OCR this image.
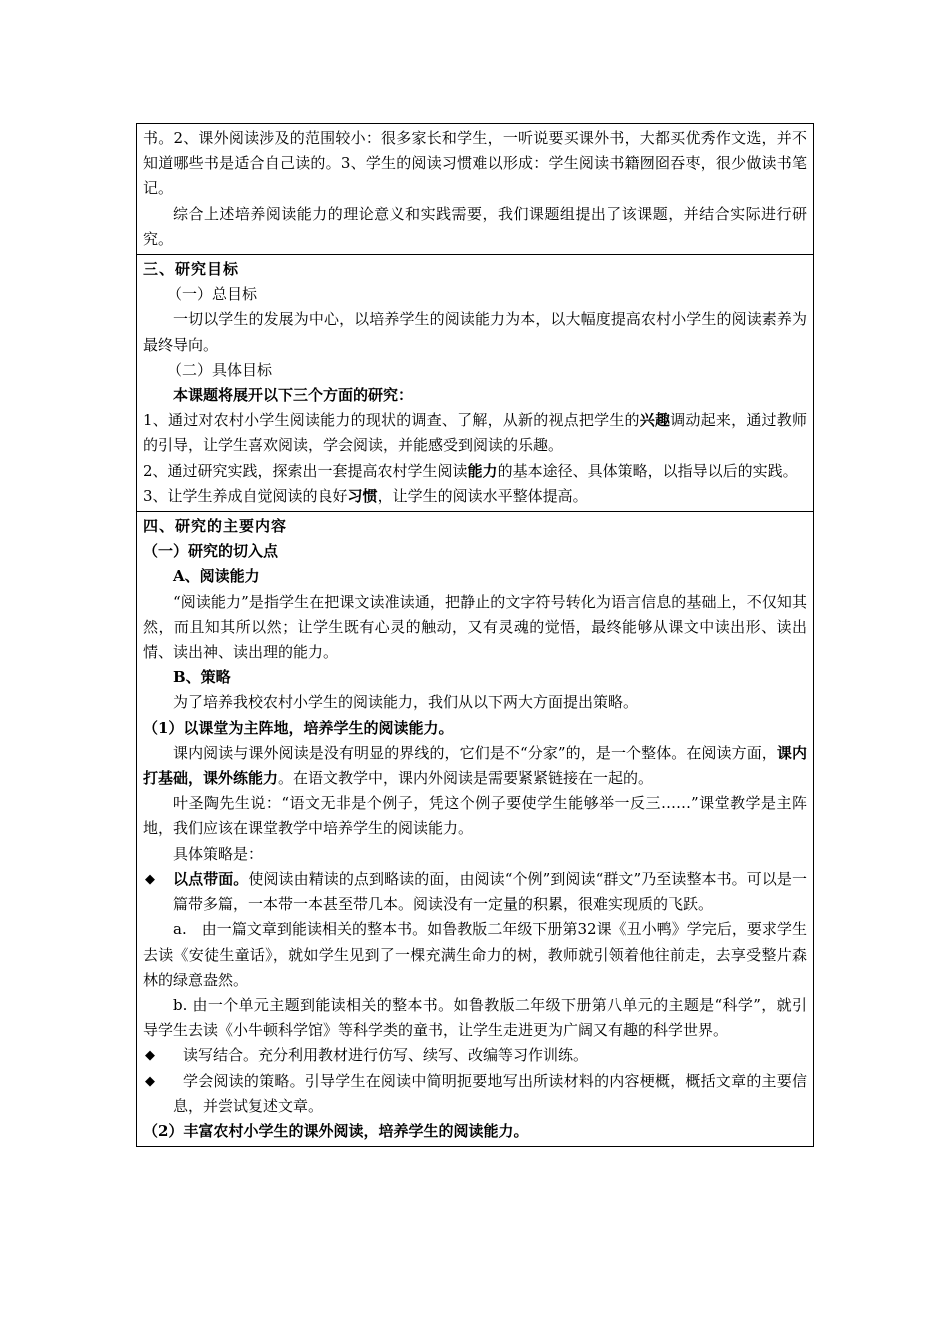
书。2、课外阅读涉及的范围较小：很多家长和学生，一听说要买课外书，大都买优秀作文选，并不知道哪些书是适合自己读的。3、学生的阅读习惯难以形成：学生阅读书籍囫囵吞枣，很少做读书笔记。

综合上述培养阅读能力的理论意义和实践需要，我们课题组提出了该课题，并结合实际进行研究。

三、研究目标

（一）总目标

一切以学生的发展为中心，以培养学生的阅读能力为本，以大幅度提高农村小学生的阅读素养为最终导向。

（二）具体目标

本课题将展开以下三个方面的研究：

1、通过对农村小学生阅读能力的现状的调查、了解，从新的视点把学生的兴趣调动起来，通过教师的引导，让学生喜欢阅读，学会阅读，并能感受到阅读的乐趣。

2、通过研究实践，探索出一套提高农村学生阅读能力的基本途径、具体策略，以指导以后的实践。

3、让学生养成自觉阅读的良好习惯，让学生的阅读水平整体提高。

四、研究的主要内容

（一）研究的切入点

A、阅读能力

“阅读能力”是指学生在把课文读准读通，把静止的文字符号转化为语言信息的基础上，不仅知其然，而且知其所以然；让学生既有心灵的触动，又有灵魂的觉悟，最终能够从课文中读出形、读出情、读出神、读出理的能力。

B、策略

为了培养我校农村小学生的阅读能力，我们从以下两大方面提出策略。

（1）以课堂为主阵地，培养学生的阅读能力。

课内阅读与课外阅读是没有明显的界线的，它们是不“分家”的，是一个整体。在阅读方面，课内打基础，课外练能力。在语文教学中，课内外阅读是需要紧紧链接在一起的。

叶圣陶先生说：“语文无非是个例子，凭这个例子要使学生能够举一反三……”课堂教学是主阵地，我们应该在课堂教学中培养学生的阅读能力。

具体策略是：

◆ 以点带面。使阅读由精读的点到略读的面，由阅读“个例”到阅读“群文”乃至读整本书。可以是一篇带多篇，一本带一本甚至带几本。阅读没有一定量的积累，很难实现质的飞跃。

a.　由一篇文章到能读相关的整本书。如鲁教版二年级下册第32课《丑小鸭》学完后，要求学生去读《安徒生童话》，就如学生见到了一棵充满生命力的树，教师就引领着他往前走，去享受整片森林的绿意盎然。

b. 由一个单元主题到能读相关的整本书。如鲁教版二年级下册第八单元的主题是“科学”，就引导学生去读《小牛顿科学馆》等科学类的童书，让学生走进更为广阔又有趣的科学世界。

◆ 读写结合。充分利用教材进行仿写、续写、改编等习作训练。

◆ 学会阅读的策略。引导学生在阅读中简明扼要地写出所读材料的内容梗概，概括文章的主要信息，并尝试复述文章。

（2）丰富农村小学生的课外阅读，培养学生的阅读能力。
